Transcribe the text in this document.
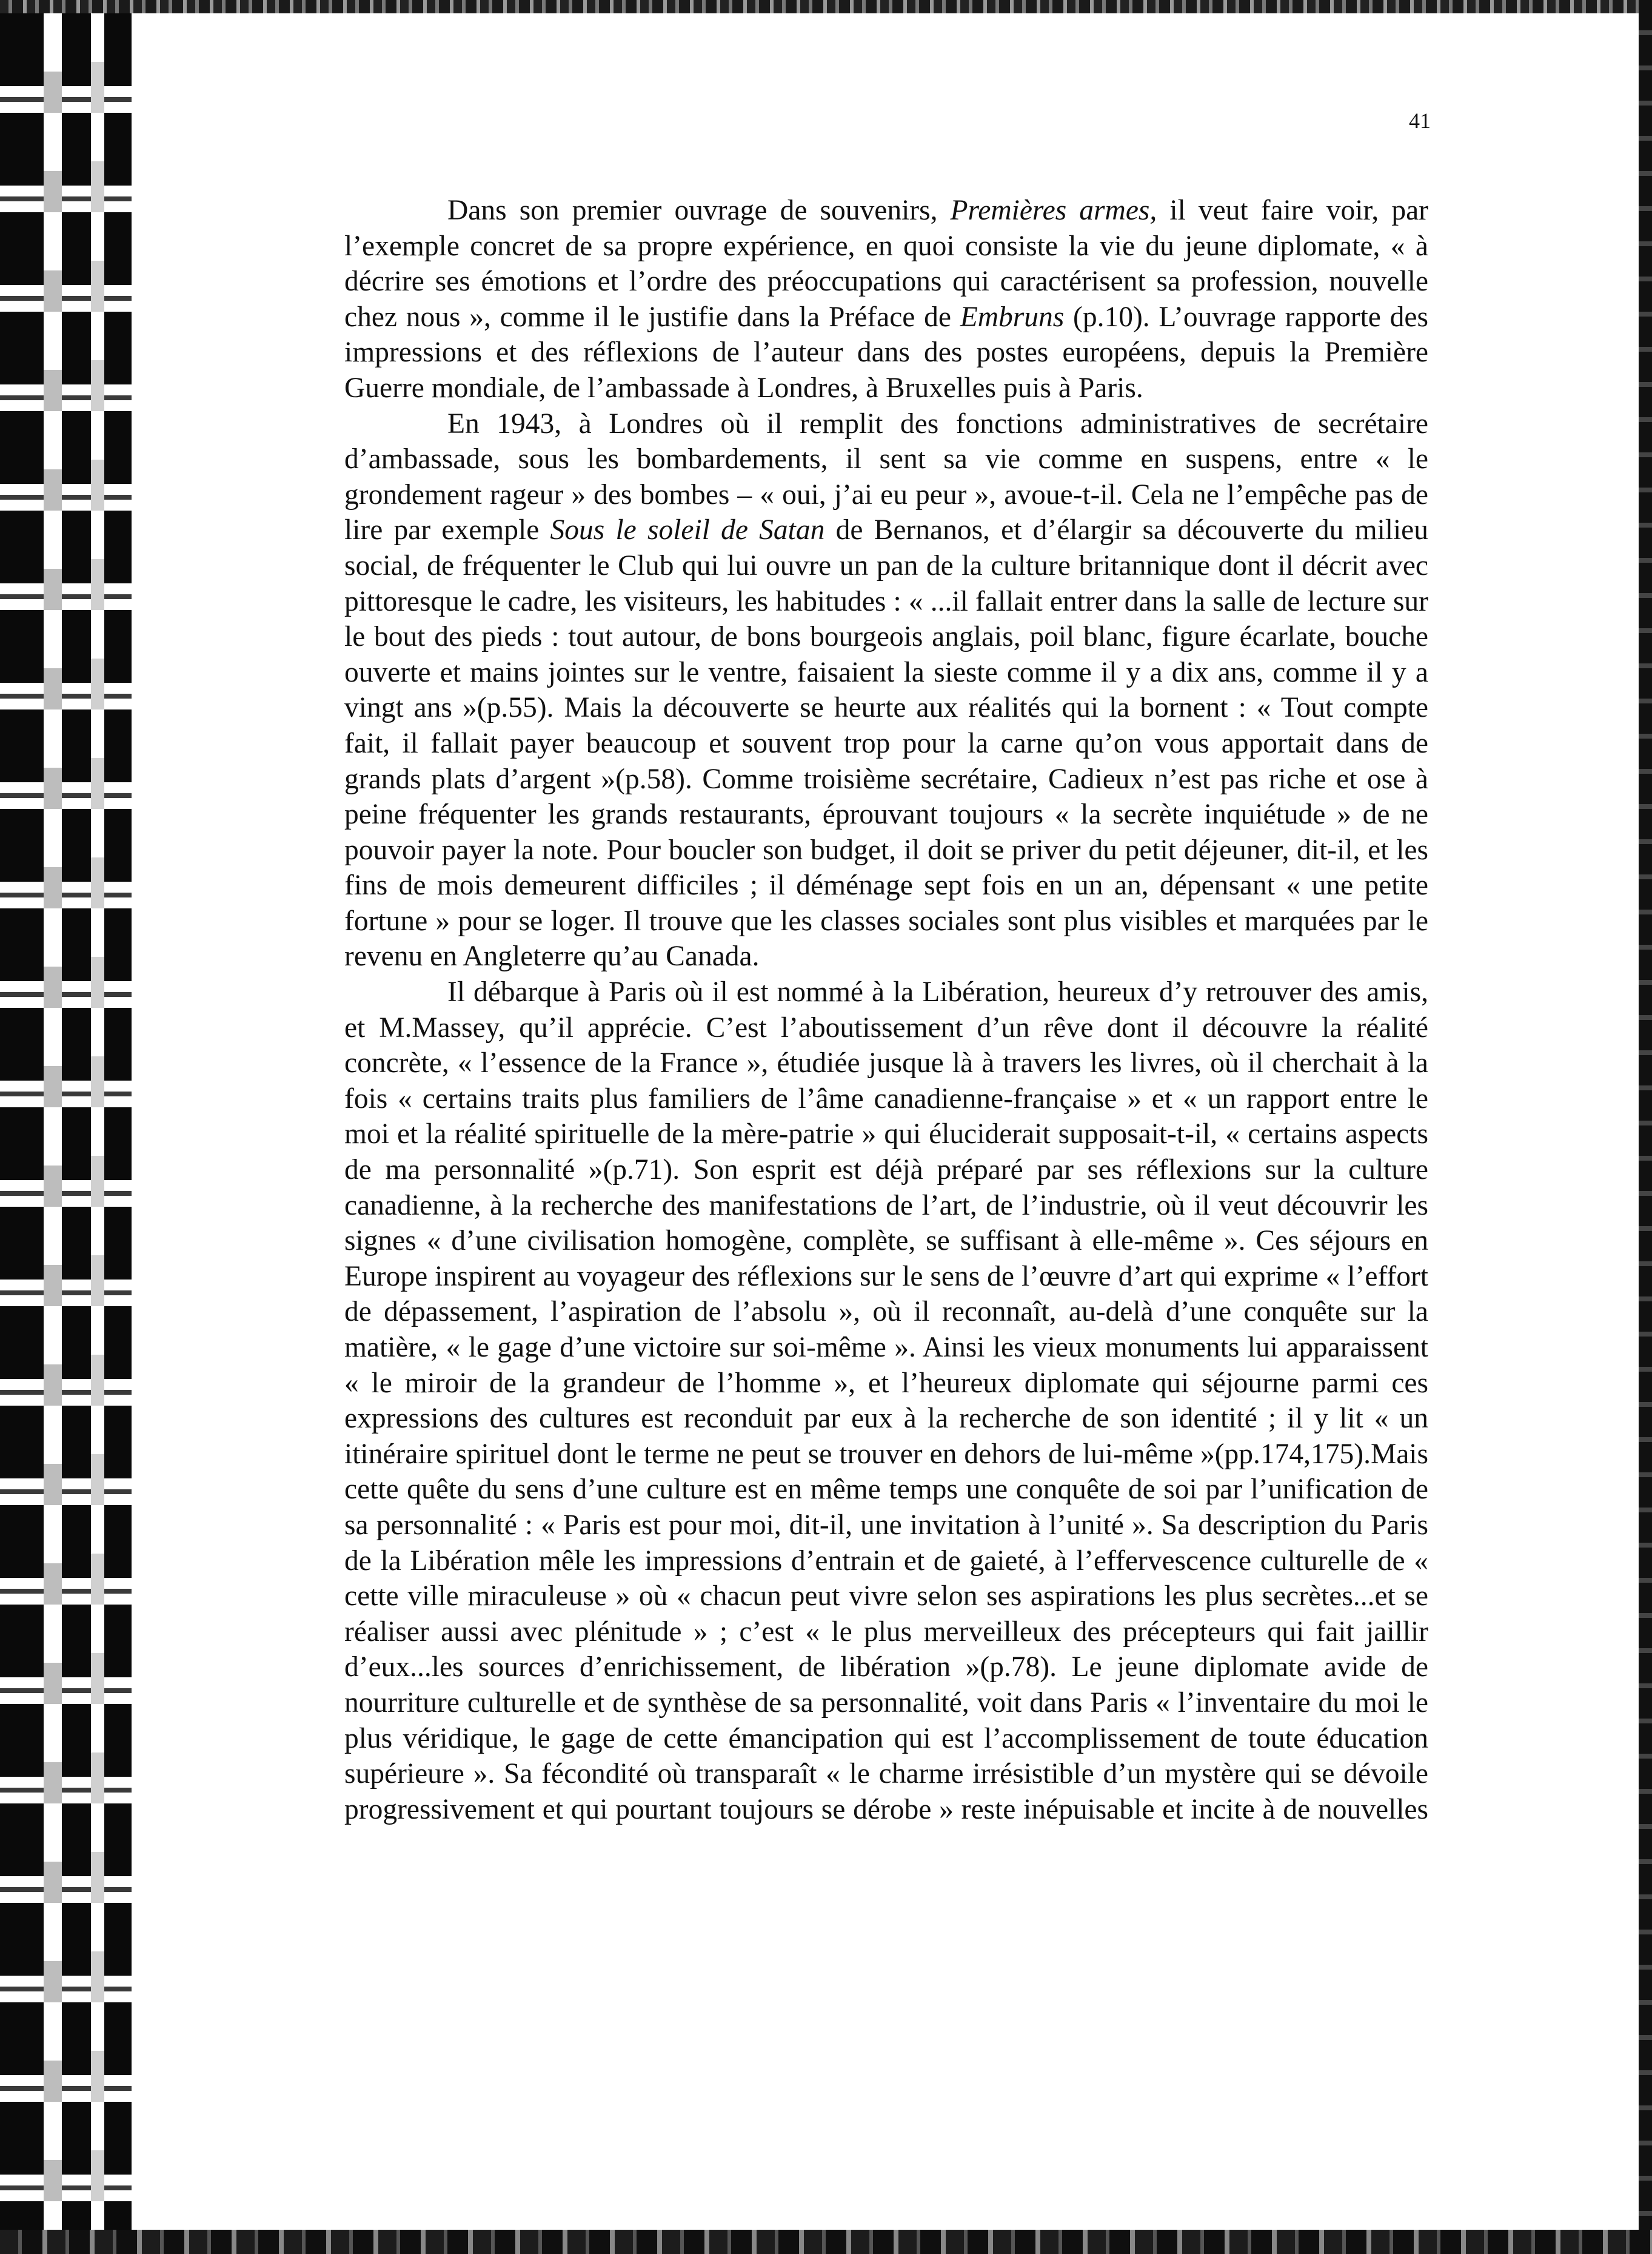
41

Dans son premier ouvrage de souvenirs, Premières armes, il veut faire voir, par l’exemple concret de sa propre expérience, en quoi consiste la vie du jeune diplomate, « à décrire ses émotions et l’ordre des préoccupations qui caractérisent sa profession, nouvelle chez nous », comme il le justifie dans la Préface de Embruns (p.10). L’ouvrage rapporte des impressions et des réflexions de l’auteur dans des postes européens, depuis la Première Guerre mondiale, de l’ambassade à Londres, à Bruxelles puis à Paris.

En 1943, à Londres où il remplit des fonctions administratives de secrétaire d’ambassade, sous les bombardements, il sent sa vie comme en suspens, entre « le grondement rageur » des bombes – « oui, j’ai eu peur », avoue-t-il. Cela ne l’empêche pas de lire par exemple Sous le soleil de Satan de Bernanos, et d’élargir sa découverte du milieu social, de fréquenter le Club qui lui ouvre un pan de la culture britannique dont il décrit avec pittoresque le cadre, les visiteurs, les habitudes : « ...il fallait entrer dans la salle de lecture sur le bout des pieds : tout autour, de bons bourgeois anglais, poil blanc, figure écarlate, bouche ouverte et mains jointes sur le ventre, faisaient la sieste comme il y a dix ans, comme il y a vingt ans »(p.55). Mais la découverte se heurte aux réalités qui la bornent : « Tout compte fait, il fallait payer beaucoup et souvent trop pour la carne qu’on vous apportait dans de grands plats d’argent »(p.58). Comme troisième secrétaire, Cadieux n’est pas riche et ose à peine fréquenter les grands restaurants, éprouvant toujours « la secrète inquiétude » de ne pouvoir payer la note. Pour boucler son budget, il doit se priver du petit déjeuner, dit-il, et les fins de mois demeurent difficiles ; il déménage sept fois en un an, dépensant « une petite fortune » pour se loger. Il trouve que les classes sociales sont plus visibles et marquées par le revenu en Angleterre qu’au Canada.

Il débarque à Paris où il est nommé à la Libération, heureux d’y retrouver des amis, et M.Massey, qu’il apprécie. C’est l’aboutissement d’un rêve dont il découvre la réalité concrète, « l’essence de la France », étudiée jusque là à travers les livres, où il cherchait à la fois « certains traits plus familiers de l’âme canadienne-française » et « un rapport entre le moi et la réalité spirituelle de la mère-patrie » qui éluciderait supposait-t-il, « certains aspects de ma personnalité »(p.71). Son esprit est déjà préparé par ses réflexions sur la culture canadienne, à la recherche des manifestations de l’art, de l’industrie, où il veut découvrir les signes « d’une civilisation homogène, complète, se suffisant à elle-même ». Ces séjours en Europe inspirent au voyageur des réflexions sur le sens de l’œuvre d’art qui exprime « l’effort de dépassement, l’aspiration de l’absolu », où il reconnaît, au-delà d’une conquête sur la matière, « le gage d’une victoire sur soi-même ». Ainsi les vieux monuments lui apparaissent « le miroir de la grandeur de l’homme », et l’heureux diplomate qui séjourne parmi ces expressions des cultures est reconduit par eux à la recherche de son identité ; il y lit « un itinéraire spirituel dont le terme ne peut se trouver en dehors de lui-même »(pp.174,175).Mais cette quête du sens d’une culture est en même temps une conquête de soi par l’unification de sa personnalité : « Paris est pour moi, dit-il, une invitation à l’unité ». Sa description du Paris de la Libération mêle les impressions d’entrain et de gaieté, à l’effervescence culturelle de « cette ville miraculeuse » où « chacun peut vivre selon ses aspirations les plus secrètes...et se réaliser aussi avec plénitude » ; c’est « le plus merveilleux des précepteurs qui fait jaillir d’eux...les sources d’enrichissement, de libération »(p.78). Le jeune diplomate avide de nourriture culturelle et de synthèse de sa personnalité, voit dans Paris « l’inventaire du moi le plus véridique, le gage de cette émancipation qui est l’accomplissement de toute éducation supérieure ». Sa fécondité où transparaît « le charme irrésistible d’un mystère qui se dévoile progressivement et qui pourtant toujours se dérobe » reste inépuisable et incite à de nouvelles
